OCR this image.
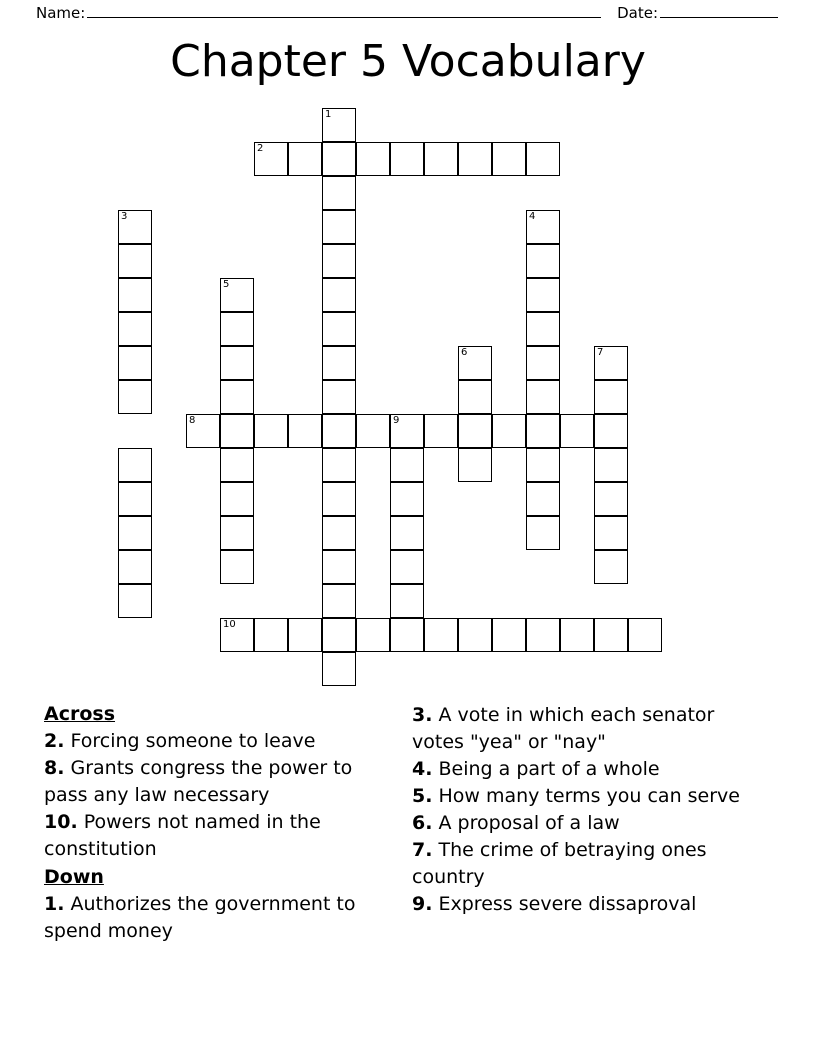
Name:	Date:
Chapter 5 Vocabulary
1
2
3	4
5
6	7
8	9
10
Across

2. Forcing someone to leave

8. Grants congress the power to pass any law necessary

10. Powers not named in the constitution

Down

1. Authorizes the government to spend money

3. A vote in which each senator votes "yea" or "nay"

4. Being a part of a whole

5. How many terms you can serve

6. A proposal of a law

7. The crime of betraying ones country

9. Express severe dissaproval
